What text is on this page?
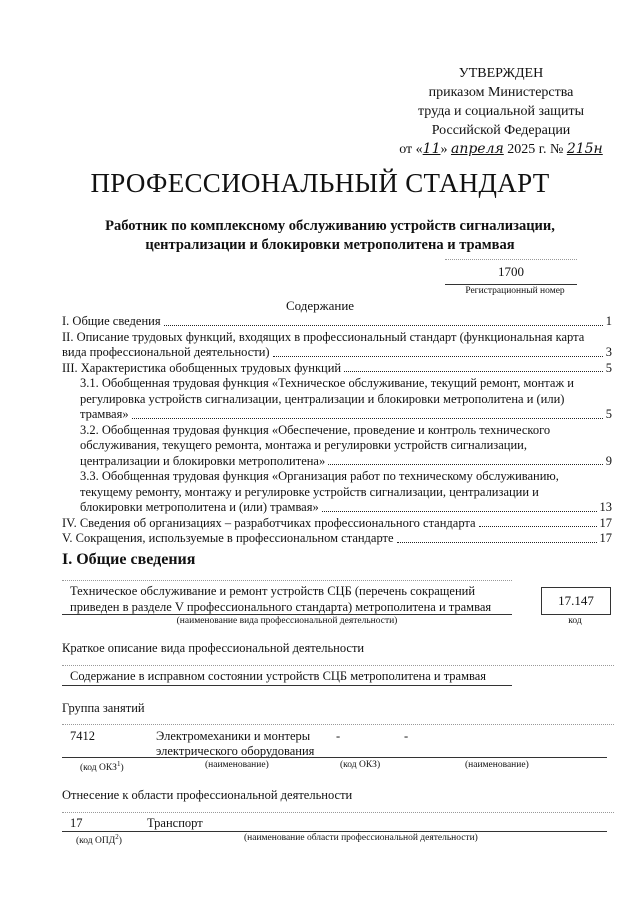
УТВЕРЖДЕН
приказом Министерства
труда и социальной защиты
Российской Федерации
от «11» апреля 2025 г. № 215н
ПРОФЕССИОНАЛЬНЫЙ СТАНДАРТ
Работник по комплексному обслуживанию устройств сигнализации,
централизации и блокировки метрополитена и трамвая
1700
Регистрационный номер
Содержание
I. Общие сведения	1
II. Описание трудовых функций, входящих в профессиональный стандарт (функциональная карта
вида профессиональной деятельности)	3
III. Характеристика обобщенных трудовых функций	5
3.1. Обобщенная трудовая функция «Техническое обслуживание, текущий ремонт, монтаж и
регулировка устройств сигнализации, централизации и блокировки метрополитена и (или)
трамвая»	5
3.2. Обобщенная трудовая функция «Обеспечение, проведение и контроль технического
обслуживания, текущего ремонта, монтажа и регулировки устройств сигнализации,
централизации и блокировки метрополитена»	9
3.3. Обобщенная трудовая функция «Организация работ по техническому обслуживанию,
текущему ремонту, монтажу и регулировке устройств сигнализации, централизации и
блокировки метрополитена и (или) трамвая»	13
IV. Сведения об организациях – разработчиках профессионального стандарта	17
V. Сокращения, используемые в профессиональном стандарте	17
I. Общие сведения
Техническое обслуживание и ремонт устройств СЦБ (перечень сокращений
приведен в разделе V профессионального стандарта) метрополитена и трамвая
(наименование вида профессиональной деятельности)
17.147
код
Краткое описание вида профессиональной деятельности
Содержание в исправном состоянии устройств СЦБ метрополитена и трамвая
Группа занятий
7412	Электромеханики и монтеры
электрического оборудования
-	-
(код ОКЗ$^1$)	(наименование)	(код ОКЗ)	(наименование)
Отнесение к области профессиональной деятельности
17	Транспорт
(код ОПД$^2$)	(наименование области профессиональной деятельности)
